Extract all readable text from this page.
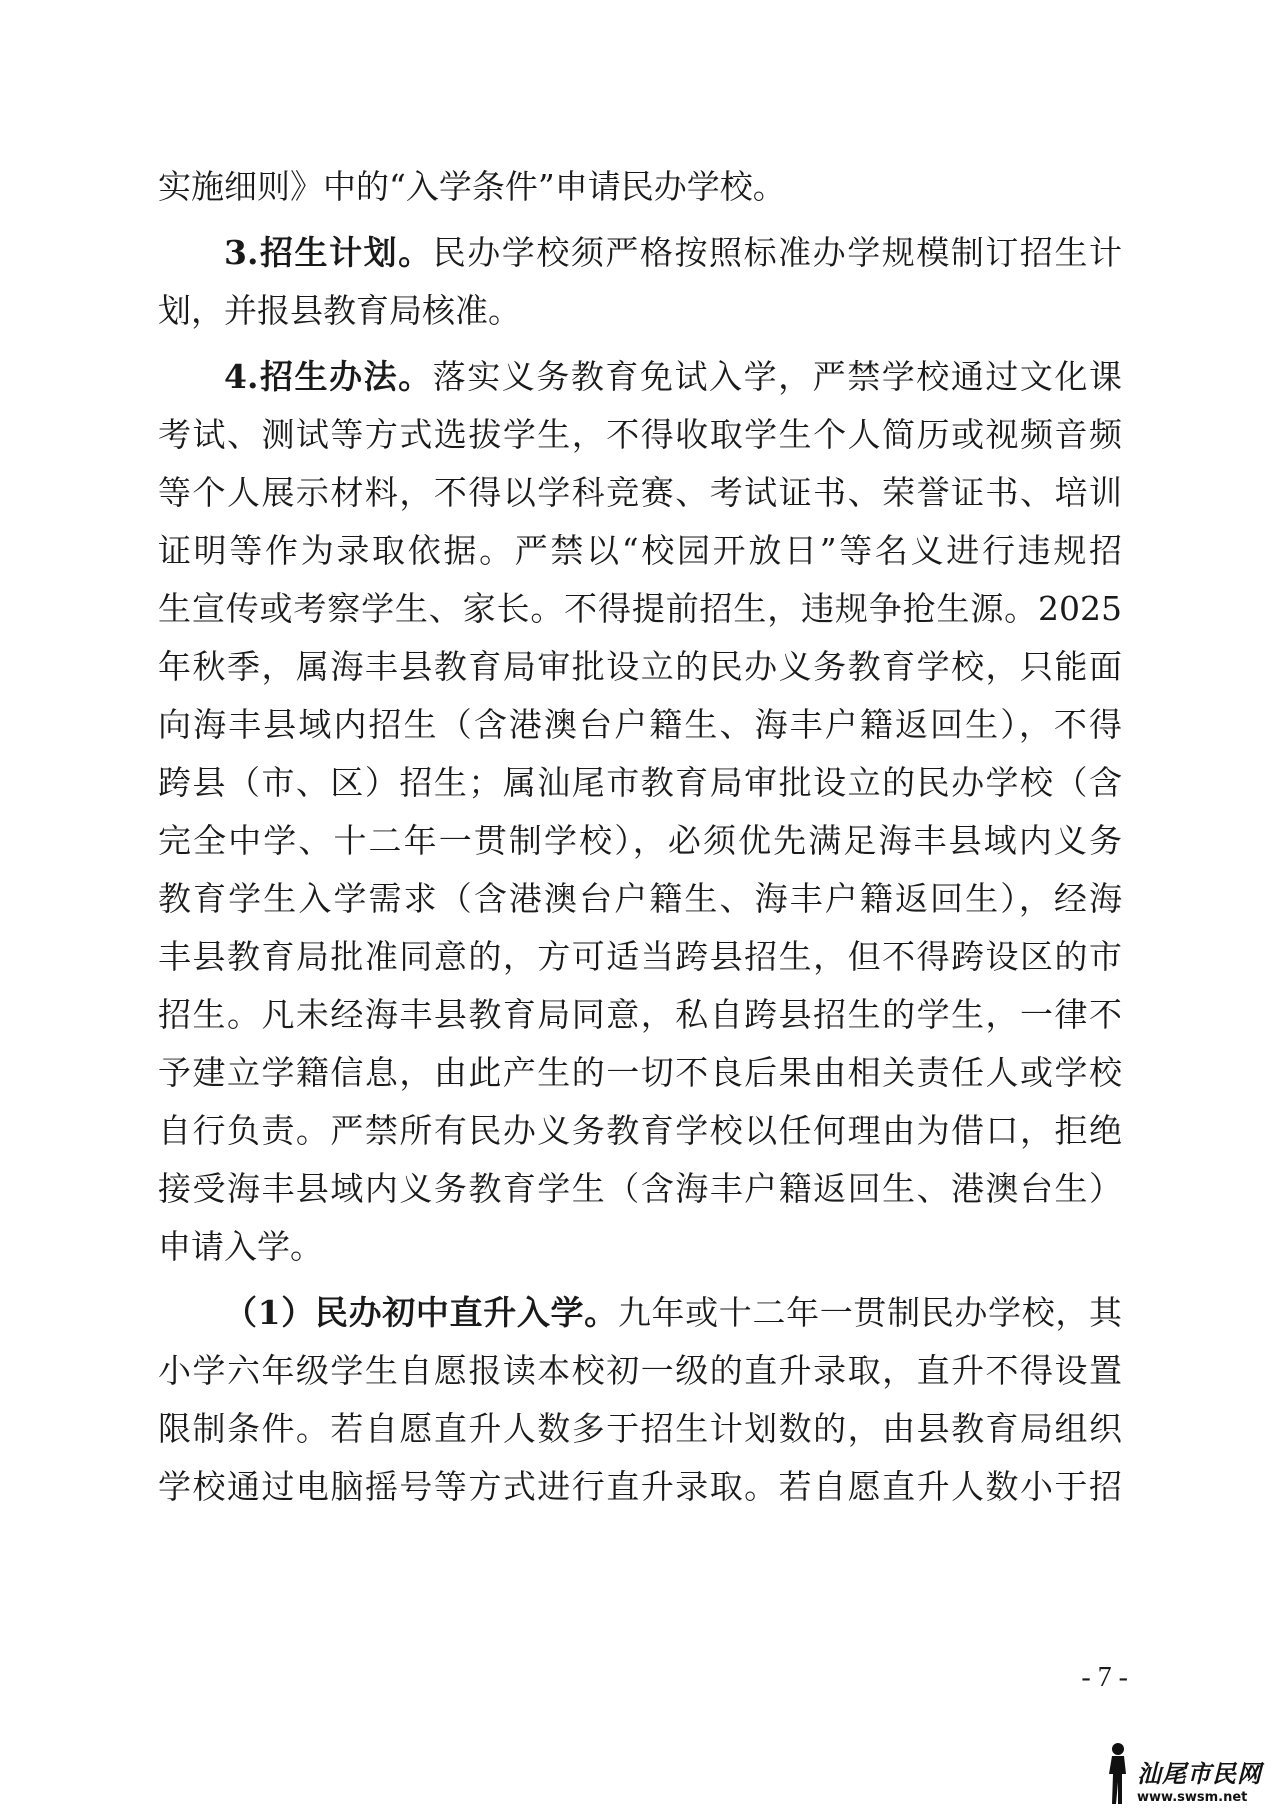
实施细则》中的“入学条件”申请民办学校。
3.招生计划。民办学校须严格按照标准办学规模制订招生计
划，并报县教育局核准。
4.招生办法。落实义务教育免试入学，严禁学校通过文化课
考试、测试等方式选拔学生，不得收取学生个人简历或视频音频
等个人展示材料，不得以学科竞赛、考试证书、荣誉证书、培训
证明等作为录取依据。严禁以“校园开放日”等名义进行违规招
生宣传或考察学生、家长。不得提前招生，违规争抢生源。2025
年秋季，属海丰县教育局审批设立的民办义务教育学校，只能面
向海丰县域内招生（含港澳台户籍生、海丰户籍返回生），不得
跨县（市、区）招生；属汕尾市教育局审批设立的民办学校（含
完全中学、十二年一贯制学校），必须优先满足海丰县域内义务
教育学生入学需求（含港澳台户籍生、海丰户籍返回生），经海
丰县教育局批准同意的，方可适当跨县招生，但不得跨设区的市
招生。凡未经海丰县教育局同意，私自跨县招生的学生，一律不
予建立学籍信息，由此产生的一切不良后果由相关责任人或学校
自行负责。严禁所有民办义务教育学校以任何理由为借口，拒绝
接受海丰县域内义务教育学生（含海丰户籍返回生、港澳台生）
申请入学。
（1）民办初中直升入学。九年或十二年一贯制民办学校，其
小学六年级学生自愿报读本校初一级的直升录取，直升不得设置
限制条件。若自愿直升人数多于招生计划数的，由县教育局组织
学校通过电脑摇号等方式进行直升录取。若自愿直升人数小于招
- 7 -
汕尾市民网
www.swsm.net
